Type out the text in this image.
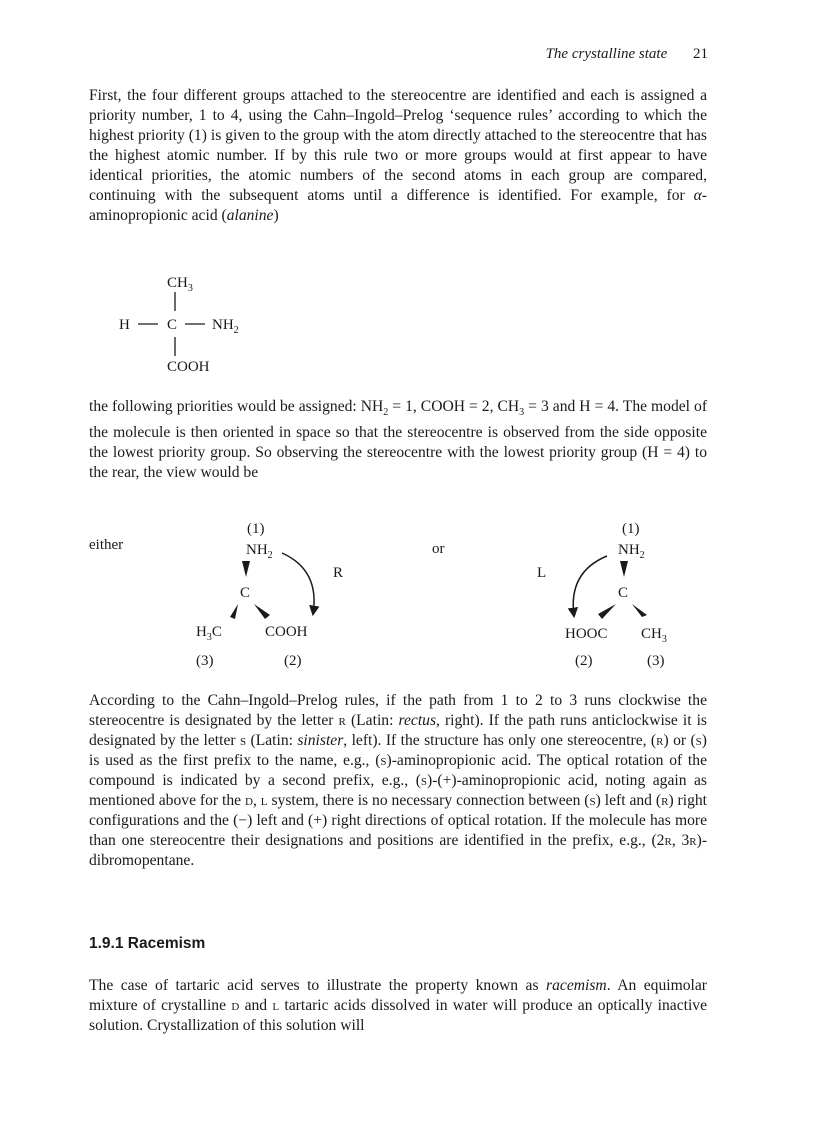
The crystalline state 21

First, the four different groups attached to the stereocentre are identified and each is assigned a priority number, 1 to 4, using the Cahn–Ingold–Prelog ‘sequence rules’ according to which the highest priority (1) is given to the group with the atom directly attached to the stereocentre that has the highest atomic number. If by this rule two or more groups would at first appear to have identical priorities, the atomic numbers of the second atoms in each group are compared, continuing with the subsequent atoms until a difference is identified. For example, for α-aminopropionic acid (alanine)

the following priorities would be assigned: $NH_2 = 1$, COOH = 2, $CH_3 = 3$ and H = 4. The model of the molecule is then oriented in space so that the stereocentre is observed from the side opposite the lowest priority group. So observing the stereocentre with the lowest priority group (H = 4) to the rear, the view would be

$CH_3$
H C $NH_2$
COOH
either	or
(1)
$NH_2$
R
C
$H_3C$	COOH
(3)	(2)
(1)
$NH_2$
L
C
HOOC $CH_3$
(2)	(3)

According to the Cahn–Ingold–Prelog rules, if the path from 1 to 2 to 3 runs clockwise the stereocentre is designated by the letter r (Latin: rectus, right). If the path runs anticlockwise it is designated by the letter s (Latin: sinister, left). If the structure has only one stereocentre, (r) or (s) is used as the first prefix to the name, e.g., (s)-aminopropionic acid. The optical rotation of the compound is indicated by a second prefix, e.g., (s)-(+)-aminopropionic acid, noting again as mentioned above for the d, l system, there is no necessary connection between (s) left and (r) right configurations and the (−) left and (+) right directions of optical rotation. If the molecule has more than one stereocentre their designations and positions are identified in the prefix, e.g., (2r, 3r)-dibromopentane.

1.9.1 Racemism

The case of tartaric acid serves to illustrate the property known as racemism. An equimolar mixture of crystalline d and l tartaric acids dissolved in water will produce an optically inactive solution. Crystallization of this solution will
